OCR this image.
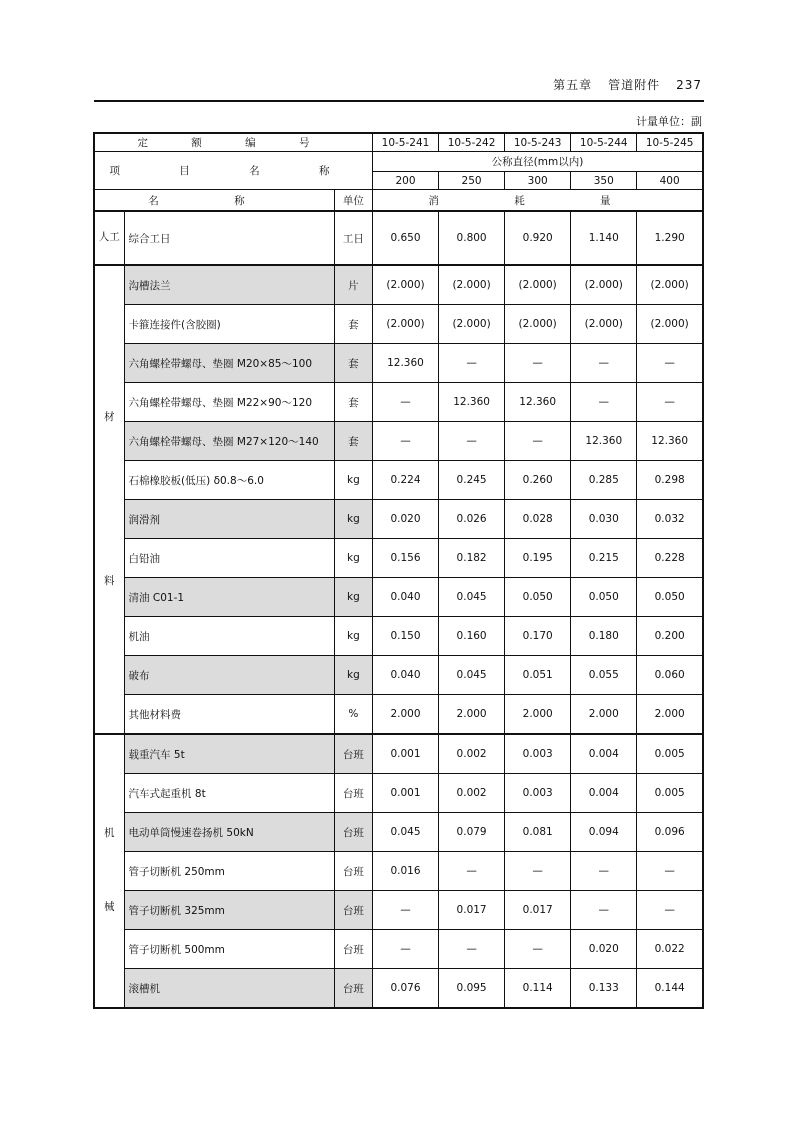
第五章 管道附件 237
计量单位：副
定 额 编 号			10-5-241	10-5-242	10-5-243	10-5-244	10-5-245
项 目 名 称			公称直径(mm以内)				
			200	250	300	350	400
名 称		单位	消 耗 量				
人工	综合工日	工日	0.650	0.800	0.920	1.140	1.290

材
料	沟槽法兰	片	(2.000)	(2.000)	(2.000)	(2.000)	(2.000)
	卡箍连接件(含胶圈)	套	(2.000)	(2.000)	(2.000)	(2.000)	(2.000)
	六角螺栓带螺母、垫圈 M20×85～100	套	12.360	—	—	—	—
	六角螺栓带螺母、垫圈 M22×90～120	套	—	12.360	12.360	—	—
	六角螺栓带螺母、垫圈 M27×120～140	套	—	—	—	12.360	12.360
	石棉橡胶板(低压) δ0.8～6.0	kg	0.224	0.245	0.260	0.285	0.298
	润滑剂	kg	0.020	0.026	0.028	0.030	0.032
	白铅油	kg	0.156	0.182	0.195	0.215	0.228
	清油 C01-1	kg	0.040	0.045	0.050	0.050	0.050
	机油	kg	0.150	0.160	0.170	0.180	0.200
	破布	kg	0.040	0.045	0.051	0.055	0.060
	其他材料费	%	2.000	2.000	2.000	2.000	2.000

机
械	载重汽车 5t	台班	0.001	0.002	0.003	0.004	0.005
	汽车式起重机 8t	台班	0.001	0.002	0.003	0.004	0.005
	电动单筒慢速卷扬机 50kN	台班	0.045	0.079	0.081	0.094	0.096
	管子切断机 250mm	台班	0.016	—	—	—	—
	管子切断机 325mm	台班	—	0.017	0.017	—	—
	管子切断机 500mm	台班	—	—	—	0.020	0.022
	滚槽机	台班	0.076	0.095	0.114	0.133	0.144
